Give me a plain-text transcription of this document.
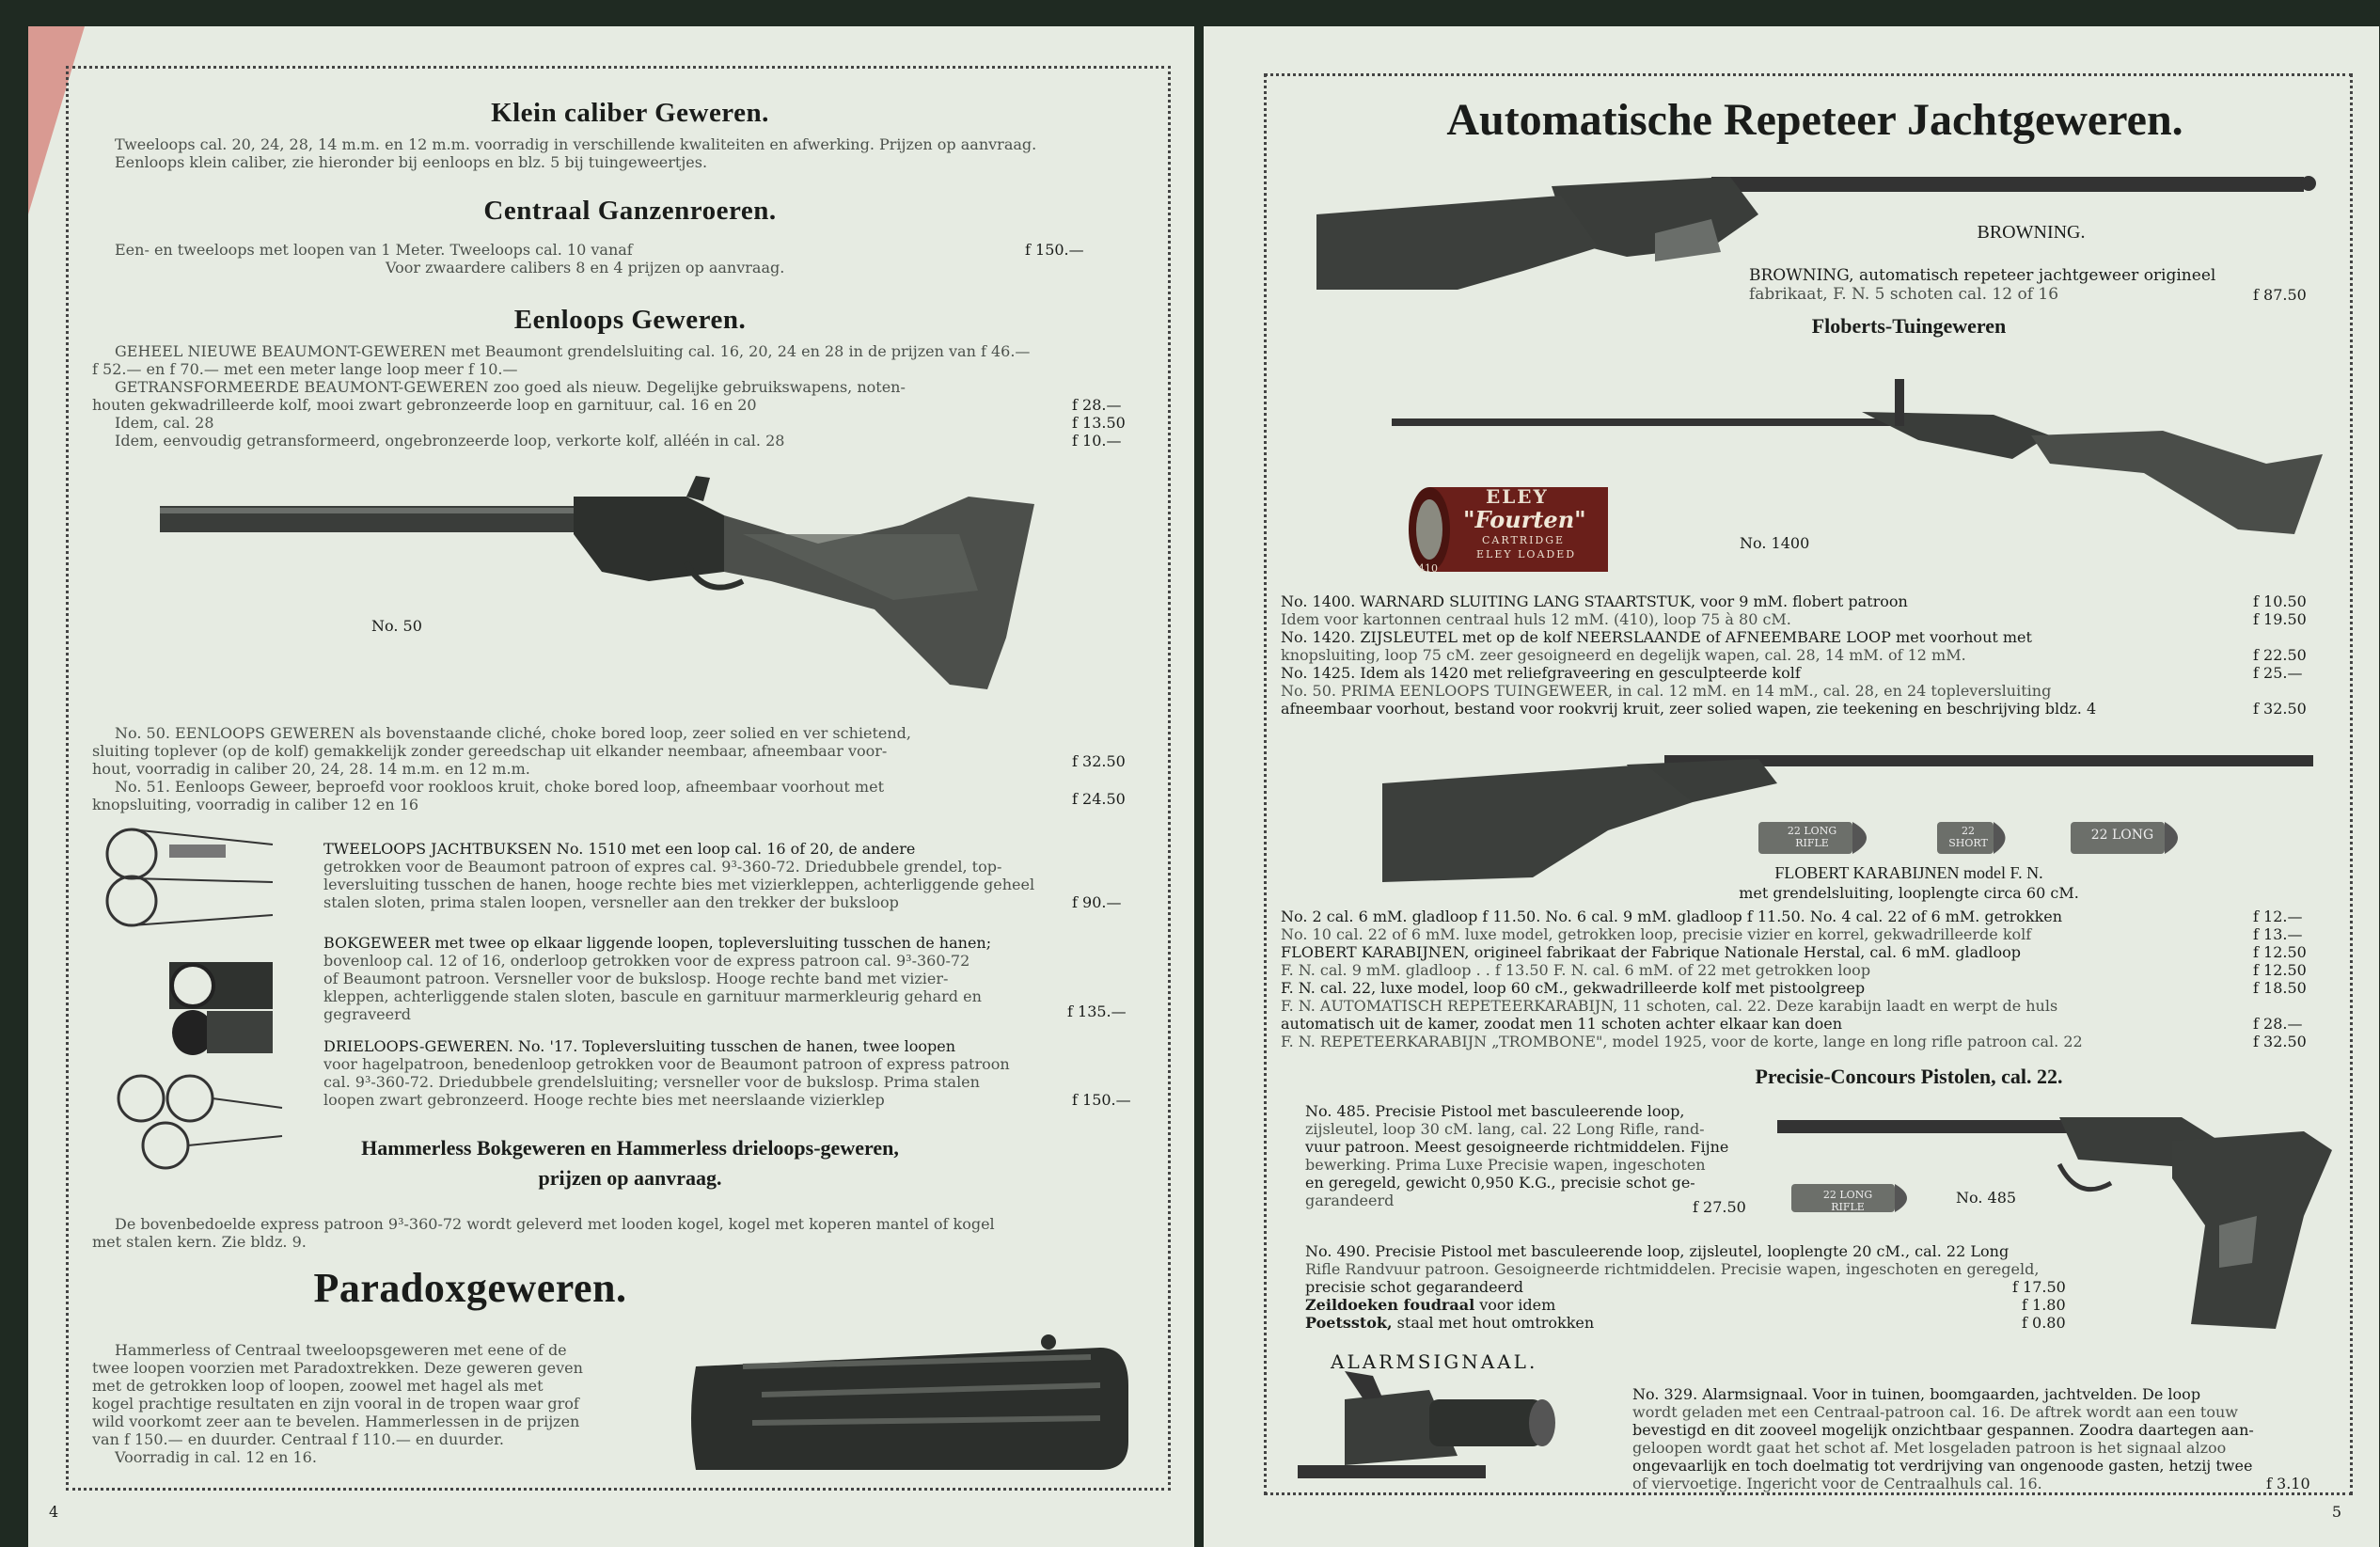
Klein caliber Geweren.
Tweeloops cal. 20, 24, 28, 14 m.m. en 12 m.m. voorradig in verschillende kwaliteiten en afwerking. Prijzen op aanvraag.
Eenloops klein caliber, zie hieronder bij eenloops en blz. 5 bij tuingeweertjes.
Centraal Ganzenroeren.
Een- en tweeloops met loopen van 1 Meter. Tweeloops cal. 10 vanaf	f 150.—
Voor zwaardere calibers 8 en 4 prijzen op aanvraag.
Eenloops Geweren.
GEHEEL NIEUWE BEAUMONT-GEWEREN met Beaumont grendelsluiting cal. 16, 20, 24 en 28 in de prijzen van f 46.—
f 52.— en f 70.— met een meter lange loop meer f 10.—
GETRANSFORMEERDE BEAUMONT-GEWEREN zoo goed als nieuw. Degelijke gebruikswapens, noten-
houten gekwadrilleerde kolf, mooi zwart gebronzeerde loop en garnituur, cal. 16 en 20	f 28.—
Idem, cal. 28	f 13.50
Idem, eenvoudig getransformeerd, ongebronzeerde loop, verkorte kolf, alléén in cal. 28	f 10.—
No. 50
No. 50. EENLOOPS GEWEREN als bovenstaande cliché, choke bored loop, zeer solied en ver schietend,
sluiting toplever (op de kolf) gemakkelijk zonder gereedschap uit elkander neembaar, afneembaar voor-
hout, voorradig in caliber 20, 24, 28. 14 m.m. en 12 m.m.	f 32.50
No. 51. Eenloops Geweer, beproefd voor rookloos kruit, choke bored loop, afneembaar voorhout met
knopsluiting, voorradig in caliber 12 en 16	f 24.50
TWEELOOPS JACHTBUKSEN No. 1510 met een loop cal. 16 of 20, de andere
getrokken voor de Beaumont patroon of expres cal. 9³-360-72. Driedubbele grendel, top-
leversluiting tusschen de hanen, hooge rechte bies met vizierkleppen, achterliggende geheel
stalen sloten, prima stalen loopen, versneller aan den trekker der buksloop	f 90.—
BOKGEWEER met twee op elkaar liggende loopen, topleversluiting tusschen de hanen;
bovenloop cal. 12 of 16, onderloop getrokken voor de express patroon cal. 9³-360-72
of Beaumont patroon. Versneller voor de bukslosp. Hooge rechte band met vizier-
kleppen, achterliggende stalen sloten, bascule en garnituur marmerkleurig gehard en
gegraveerd	f 135.—
DRIELOOPS-GEWEREN. No. '17. Topleversluiting tusschen de hanen, twee loopen
voor hagelpatroon, benedenloop getrokken voor de Beaumont patroon of express patroon
cal. 9³-360-72. Driedubbele grendelsluiting; versneller voor de bukslosp. Prima stalen
loopen zwart gebronzeerd. Hooge rechte bies met neerslaande vizierklep	f 150.—
Hammerless Bokgeweren en Hammerless drieloops-geweren,
prijzen op aanvraag.
De bovenbedoelde express patroon 9³-360-72 wordt geleverd met looden kogel, kogel met koperen mantel of kogel
met stalen kern. Zie bldz. 9.
Paradoxgeweren.
Hammerless of Centraal tweeloopsgeweren met eene of de
twee loopen voorzien met Paradoxtrekken. Deze geweren geven
met de getrokken loop of loopen, zoowel met hagel als met
kogel prachtige resultaten en zijn vooral in de tropen waar grof
wild voorkomt zeer aan te bevelen. Hammerlessen in de prijzen
van f 150.— en duurder. Centraal f 110.— en duurder.
Voorradig in cal. 12 en 16.
4
Automatische Repeteer Jachtgeweren.
BROWNING.
BROWNING, automatisch repeteer jachtgeweer origineel
fabrikaat, F. N. 5 schoten cal. 12 of 16	f 87.50
Floberts-Tuingeweren
ELEY
"Fourten"
CARTRIDGE
ELEY LOADED
410
No. 1400
No. 1400. WARNARD SLUITING LANG STAARTSTUK, voor 9 mM. flobert patroon	f 10.50
Idem voor kartonnen centraal huls 12 mM. (410), loop 75 à 80 cM.	f 19.50
No. 1420. ZIJSLEUTEL met op de kolf NEERSLAANDE of AFNEEMBARE LOOP met voorhout met
knopsluiting, loop 75 cM. zeer gesoigneerd en degelijk wapen, cal. 28, 14 mM. of 12 mM.	f 22.50
No. 1425. Idem als 1420 met reliefgraveering en gesculpteerde kolf	f 25.—
No. 50. PRIMA EENLOOPS TUINGEWEER, in cal. 12 mM. en 14 mM., cal. 28, en 24 topleversluiting
afneembaar voorhout, bestand voor rookvrij kruit, zeer solied wapen, zie teekening en beschrijving bldz. 4	f 32.50
22 LONG RIFLE
22 SHORT
22 LONG
FLOBERT KARABIJNEN model F. N.
met grendelsluiting, looplengte circa 60 cM.
No. 2 cal. 6 mM. gladloop f 11.50. No. 6 cal. 9 mM. gladloop f 11.50. No. 4 cal. 22 of 6 mM. getrokken	f 12.—
No. 10 cal. 22 of 6 mM. luxe model, getrokken loop, precisie vizier en korrel, gekwadrilleerde kolf	f 13.—
FLOBERT KARABIJNEN, origineel fabrikaat der Fabrique Nationale Herstal, cal. 6 mM. gladloop	f 12.50
F. N. cal. 9 mM. gladloop . . f 13.50 F. N. cal. 6 mM. of 22 met getrokken loop	f 12.50
F. N. cal. 22, luxe model, loop 60 cM., gekwadrilleerde kolf met pistoolgreep	f 18.50
F. N. AUTOMATISCH REPETEERKARABIJN, 11 schoten, cal. 22. Deze karabijn laadt en werpt de huls
automatisch uit de kamer, zoodat men 11 schoten achter elkaar kan doen	f 28.—
F. N. REPETEERKARABIJN „TROMBONE", model 1925, voor de korte, lange en long rifle patroon cal. 22	f 32.50
Precisie-Concours Pistolen, cal. 22.
No. 485. Precisie Pistool met basculeerende loop,
zijsleutel, loop 30 cM. lang, cal. 22 Long Rifle, rand-
vuur patroon. Meest gesoigneerde richtmiddelen. Fijne
bewerking. Prima Luxe Precisie wapen, ingeschoten
en geregeld, gewicht 0,950 K.G., precisie schot ge-
garandeerd	f 27.50
22 LONG RIFLE
No. 485
No. 490. Precisie Pistool met basculeerende loop, zijsleutel, looplengte 20 cM., cal. 22 Long
Rifle Randvuur patroon. Gesoigneerde richtmiddelen. Precisie wapen, ingeschoten en geregeld,
precisie schot gegarandeerd	f 17.50
Zeildoeken foudraal voor idem	f 1.80
Poetsstok, staal met hout omtrokken	f 0.80
ALARMSIGNAAL.
No. 329. Alarmsignaal. Voor in tuinen, boomgaarden, jachtvelden. De loop
wordt geladen met een Centraal-patroon cal. 16. De aftrek wordt aan een touw
bevestigd en dit zooveel mogelijk onzichtbaar gespannen. Zoodra daartegen aan-
geloopen wordt gaat het schot af. Met losgeladen patroon is het signaal alzoo
ongevaarlijk en toch doelmatig tot verdrijving van ongenoode gasten, hetzij twee
of viervoetige. Ingericht voor de Centraalhuls cal. 16.	f 3.10
5
